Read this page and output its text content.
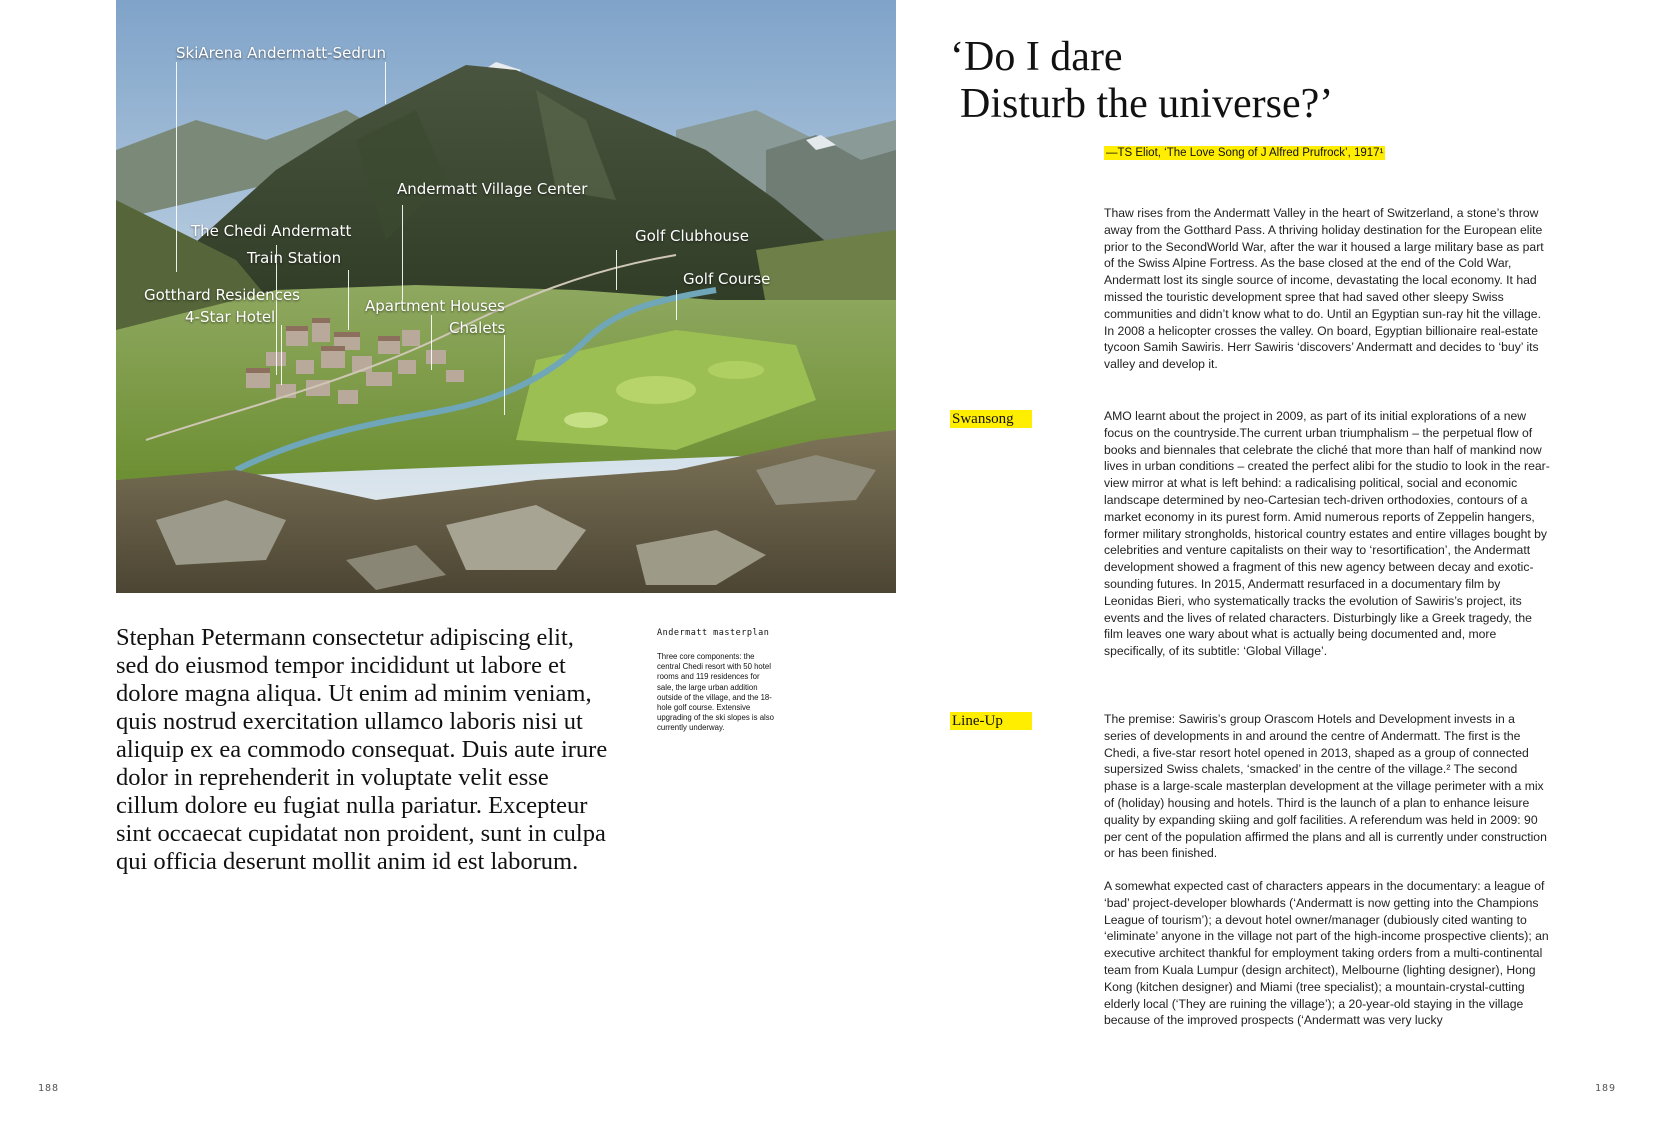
SkiArena Andermatt-Sedrun
Andermatt Village Center
The Chedi Andermatt
Train Station
Golf Clubhouse
Golf Course
Gotthard Residences
4-Star Hotel
Apartment Houses
Chalets
Stephan Petermann consectetur adipiscing elit, sed do eiusmod tempor incididunt ut labore et dolore magna aliqua. Ut enim ad minim veniam, quis nostrud exercitation ullamco laboris nisi ut aliquip ex ea commodo consequat. Duis aute irure dolor in reprehenderit in voluptate velit esse cillum dolore eu fugiat nulla pariatur. Excepteur sint occaecat cupidatat non proident, sunt in culpa qui officia deserunt mollit anim id est laborum.
Andermatt masterplan
Three core components: the central Chedi resort with 50 hotel rooms and 119 residences for sale, the large urban addition outside of the village, and the 18-hole golf course. Extensive upgrading of the ski slopes is also currently underway.
‘Do I dare
Disturb the universe?’
—TS Eliot, ‘The Love Song of J Alfred Prufrock’, 1917¹

Thaw rises from the Andermatt Valley in the heart of Switzerland, a stone’s throw away from the Gotthard Pass. A thriving holiday destination for the European elite prior to the SecondWorld War, after the war it housed a large military base as part of the Swiss Alpine Fortress. As the base closed at the end of the Cold War, Andermatt lost its single source of income, devastating the local economy. It had missed the touristic development spree that had saved other sleepy Swiss communities and didn’t know what to do. Until an Egyptian sun-ray hit the village. In 2008 a helicopter crosses the valley. On board, Egyptian billionaire real-estate tycoon Samih Sawiris. Herr Sawiris ‘discovers’ Andermatt and decides to ‘buy’ its valley and develop it.

Swansong	AMO learnt about the project in 2009, as part of its initial explorations of a new focus on the countryside.The current urban triumphalism – the perpetual flow of books and biennales that celebrate the cliché that more than half of mankind now lives in urban conditions – created the perfect alibi for the studio to look in the rear-view mirror at what is left behind: a radicalising political, social and economic landscape determined by neo-Cartesian tech-driven orthodoxies, contours of a market economy in its purest form. Amid numerous reports of Zeppelin hangers, former military strongholds, historical country estates and entire villages bought by celebrities and venture capitalists on their way to ‘resortification’, the Andermatt development showed a fragment of this new agency between decay and exotic-sounding futures. In 2015, Andermatt resurfaced in a documentary film by Leonidas Bieri, who systematically tracks the evolution of Sawiris’s project, its events and the lives of related characters. Disturbingly like a Greek tragedy, the film leaves one wary about what is actually being documented and, more specifically, of its subtitle: ‘Global Village’.

Line-Up	The premise: Sawiris’s group Orascom Hotels and Development invests in a series of developments in and around the centre of Andermatt. The first is the Chedi, a five-star resort hotel opened in 2013, shaped as a group of connected supersized Swiss chalets, ‘smacked’ in the centre of the village.² The second phase is a large-scale masterplan development at the village perimeter with a mix of (holiday) housing and hotels. Third is the launch of a plan to enhance leisure quality by expanding skiing and golf facilities. A referendum was held in 2009: 90 per cent of the population affirmed the plans and all is currently under construction or has been finished.

A somewhat expected cast of characters appears in the documentary: a league of ‘bad’ project-developer blowhards (‘Andermatt is now getting into the Champions League of tourism’); a devout hotel owner/manager (dubiously cited wanting to ‘eliminate’ anyone in the village not part of the high-income prospective clients); an executive architect thankful for employment taking orders from a multi-continental team from Kuala Lumpur (design architect), Melbourne (lighting designer), Hong Kong (kitchen designer) and Miami (tree specialist); a mountain-crystal-cutting elderly local (‘They are ruining the village’); a 20-year-old staying in the village because of the improved prospects (‘Andermatt was very lucky

188	189
